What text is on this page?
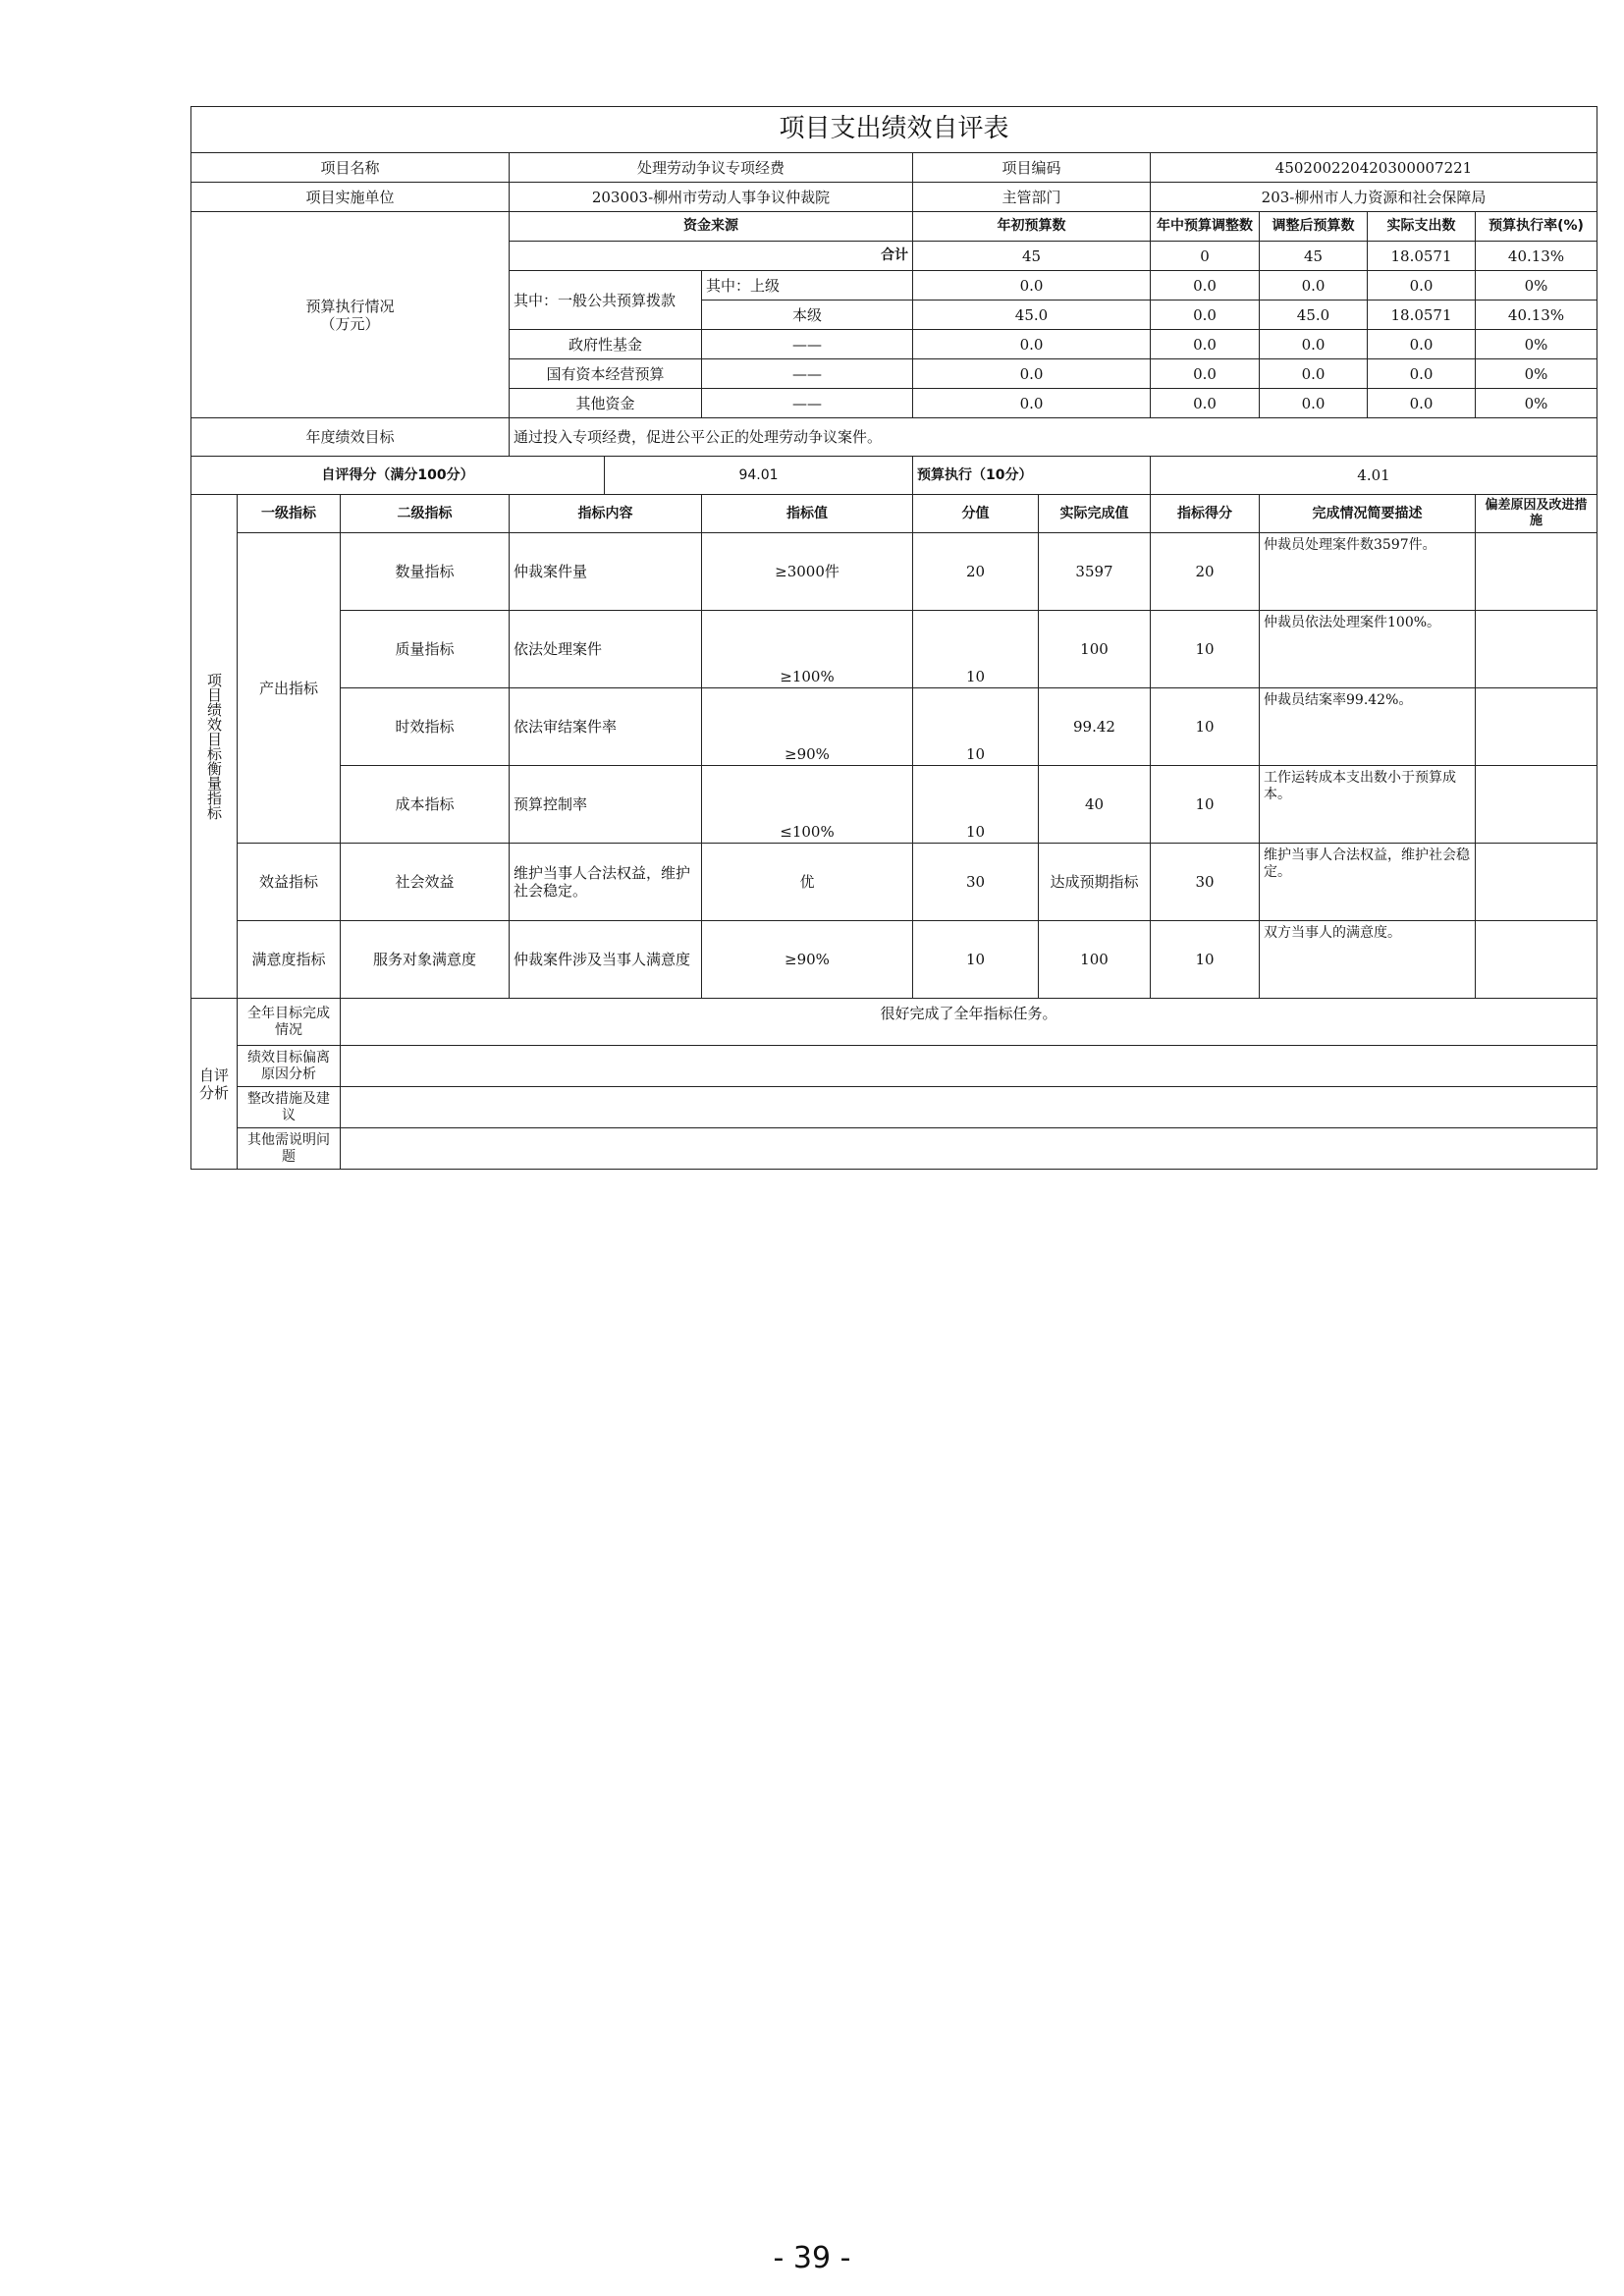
项目支出绩效自评表											
项目名称			处理劳动争议专项经费			项目编码		450200220420300007221			
项目实施单位			203003-柳州市劳动人事争议仲裁院			主管部门		203-柳州市人力资源和社会保障局			

预算执行情况
（万元）			资金来源			年初预算数		年中预算调整数	调整后预算数	实际支出数	预算执行率(%)
			合计			45		0	45	18.0571	40.13%
			其中：一般公共预算拨款		其中：上级	0.0		0.0	0.0	0.0	0%
					本级	45.0		0.0	45.0	18.0571	40.13%
			政府性基金		——	0.0		0.0	0.0	0.0	0%
			国有资本经营预算		——	0.0		0.0	0.0	0.0	0%
			其他资金		——	0.0		0.0	0.0	0.0	0%
年度绩效目标			通过投入专项经费，促进公平公正的处理劳动争议案件。								
自评得分（满分100分）				94.01		预算执行（10分）		4.01			
项目绩效目标衡量指标	一级指标	二级指标	指标内容		指标值	分值	实际完成值	指标得分	完成情况简要描述		偏差原因及改进措施
	产出指标	数量指标	仲裁案件量		≥3000件	20	3597	20	仲裁员处理案件数3597件。		
		质量指标	依法处理案件		≥100%	10	100	10	仲裁员依法处理案件100%。		
		时效指标	依法审结案件率		≥90%	10	99.42	10	仲裁员结案率99.42%。		
		成本指标	预算控制率		≤100%	10	40	10	工作运转成本支出数小于预算成本。		
	效益指标	社会效益	维护当事人合法权益，维护社会稳定。		优	30	达成预期指标	30	维护当事人合法权益，维护社会稳定。		
	满意度指标	服务对象满意度	仲裁案件涉及当事人满意度		≥90%	10	100	10	双方当事人的满意度。		
自评分析	全年目标完成情况	很好完成了全年指标任务。									
	绩效目标偏离原因分析										
	整改措施及建议										
	其他需说明问题										
- 39 -
